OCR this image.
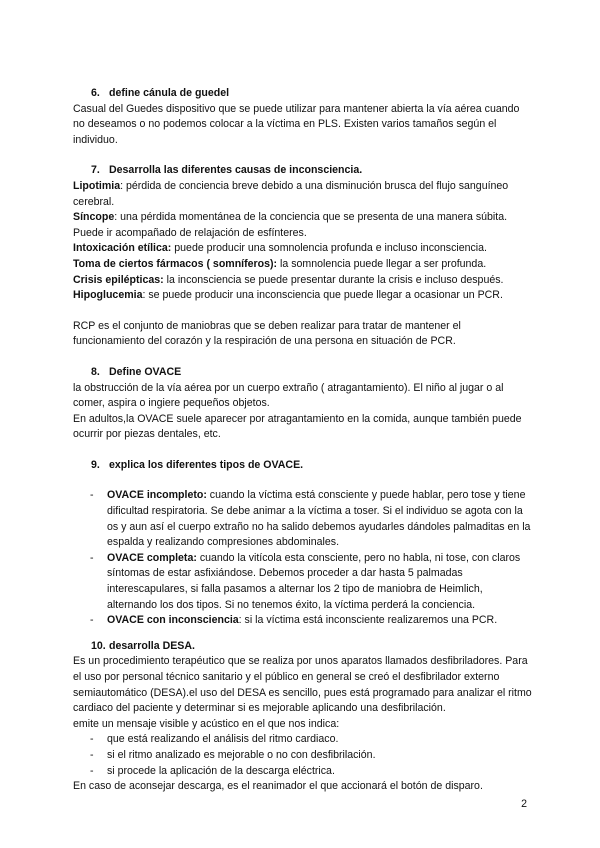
6. define cánula de guedel

Casual del Guedes dispositivo que se puede utilizar para mantener abierta la vía aérea cuando no deseamos o no podemos colocar a la víctima en PLS. Existen varios tamaños según el individuo.

7. Desarrolla las diferentes causas de inconsciencia.

Lipotimia: pérdida de conciencia breve debido a una disminución brusca del flujo sanguíneo cerebral.

Síncope: una pérdida momentánea de la conciencia que se presenta de una manera súbita. Puede ir acompañado de relajación de esfínteres.

Intoxicación etílica: puede producir una somnolencia profunda e incluso inconsciencia.

Toma de ciertos fármacos ( somníferos): la somnolencia puede llegar a ser profunda.

Crisis epilépticas: la inconsciencia se puede presentar durante la crisis e incluso después.

Hipoglucemia: se puede producir una inconsciencia que puede llegar a ocasionar un PCR.

RCP es el conjunto de maniobras que se deben realizar para tratar de mantener el funcionamiento del corazón y la respiración de una persona en situación de PCR.

8. Define OVACE

la obstrucción de la vía aérea por un cuerpo extraño ( atragantamiento). El niño al jugar o al comer, aspira o ingiere pequeños objetos.

En adultos,la OVACE suele aparecer por atragantamiento en la comida, aunque también puede ocurrir por piezas dentales, etc.

9. explica los diferentes tipos de OVACE.

- OVACE incompleto: cuando la víctima está consciente y puede hablar, pero tose y tiene dificultad respiratoria. Se debe animar a la víctima a toser. Si el individuo se agota con la os y aun así el cuerpo extraño no ha salido debemos ayudarles dándoles palmaditas en la espalda y realizando compresiones abdominales.
- OVACE completa: cuando la vitícola esta consciente, pero no habla, ni tose, con claros síntomas de estar asfixiándose. Debemos proceder a dar hasta 5 palmadas interescapulares, si falla pasamos a alternar los 2 tipo de maniobra de Heimlich, alternando los dos tipos. Si no tenemos éxito, la víctima perderá la conciencia.
- OVACE con inconsciencia: si la víctima está inconsciente realizaremos una PCR.

10. desarrolla DESA.

Es un procedimiento terapéutico que se realiza por unos aparatos llamados desfibriladores. Para el uso por personal técnico sanitario y el público en general se creó el desfibrilador externo semiautomático (DESA).el uso del DESA es sencillo, pues está programado para analizar el ritmo cardiaco del paciente y determinar si es mejorable aplicando una desfibrilación.

emite un mensaje visible y acústico en el que nos indica:

- que está realizando el análisis del ritmo cardiaco.
- si el ritmo analizado es mejorable o no con desfibrilación.
- si procede la aplicación de la descarga eléctrica.

En caso de aconsejar descarga, es el reanimador el que accionará el botón de disparo.

2
